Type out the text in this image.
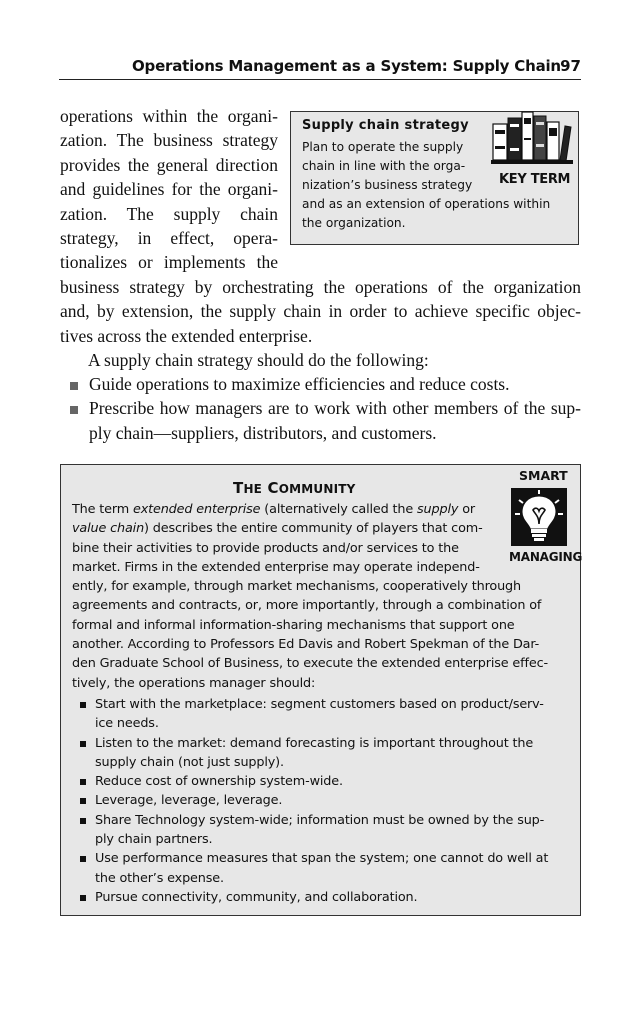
Operations Management as a System: Supply Chain 97
operations within the organi-
zation. The business strategy
provides the general direction
and guidelines for the organi-
zation. The supply chain
strategy, in effect, opera-
tionalizes or implements the
Supply chain strategy
Plan to operate the supply
chain in line with the orga-
nization’s business strategy
and as an extension of operations within
the organization.
KEY TERM
business strategy by orchestrating the operations of the organization
and, by extension, the supply chain in order to achieve specific objec-
tives across the extended enterprise.
A supply chain strategy should do the following:
Guide operations to maximize efficiencies and reduce costs.
Prescribe how managers are to work with other members of the sup-
ply chain—suppliers, distributors, and customers.
SMART
MANAGING
THE COMMUNITY
The term extended enterprise (alternatively called the supply or
value chain) describes the entire community of players that com-
bine their activities to provide products and/or services to the
market. Firms in the extended enterprise may operate independ-
ently, for example, through market mechanisms, cooperatively through
agreements and contracts, or, more importantly, through a combination of
formal and informal information-sharing mechanisms that support one
another. According to Professors Ed Davis and Robert Spekman of the Dar-
den Graduate School of Business, to execute the extended enterprise effec-
tively, the operations manager should:
Start with the marketplace: segment customers based on product/serv-
ice needs.
Listen to the market: demand forecasting is important throughout the
supply chain (not just supply).
Reduce cost of ownership system-wide.
Leverage, leverage, leverage.
Share Technology system-wide; information must be owned by the sup-
ply chain partners.
Use performance measures that span the system; one cannot do well at
the other’s expense.
Pursue connectivity, community, and collaboration.
